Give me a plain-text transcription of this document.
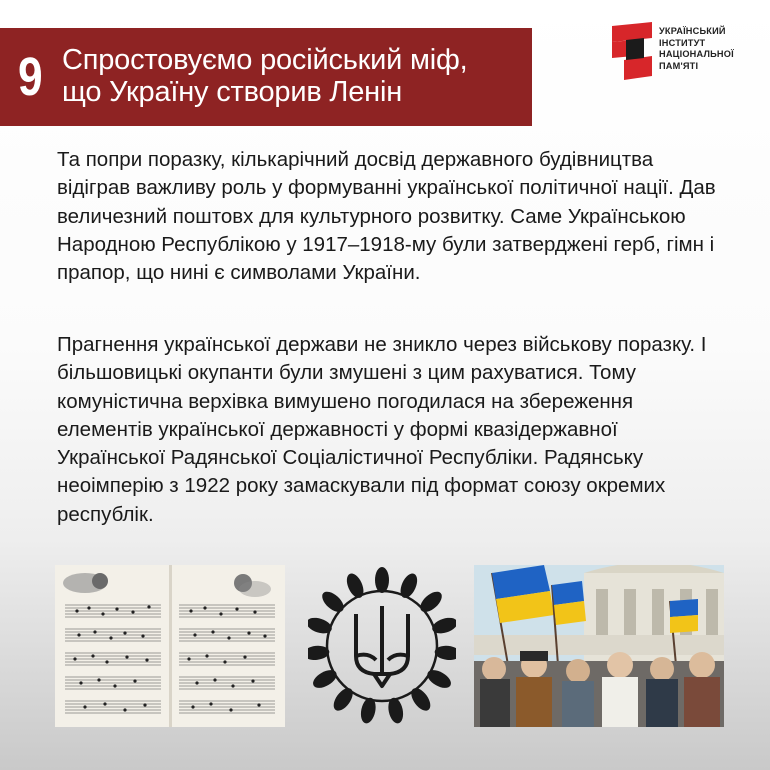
9 Спростовуємо російський міф,
що Україну створив Ленін
УКРАЇНСЬКИЙ
ІНСТИТУТ
НАЦІОНАЛЬНОЇ
ПАМ'ЯТІ

Та попри поразку, кількарічний досвід державного будівництва відіграв важливу роль у формуванні української політичної нації. Дав величезний поштовх для культурного розвитку. Саме Українською Народною Республікою у 1917–1918-му були затверджені герб, гімн і прапор, що нині є символами України.

Прагнення української держави не зникло через військову поразку. І більшовицькі окупанти були змушені з цим рахуватися. Тому комуністична верхівка вимушено погодилася на збереження елементів української державності у формі квазідержавної Української Радянської Соціалістичної Республіки. Радянську неоімперію з 1922 року замаскували під формат союзу окремих республік.
